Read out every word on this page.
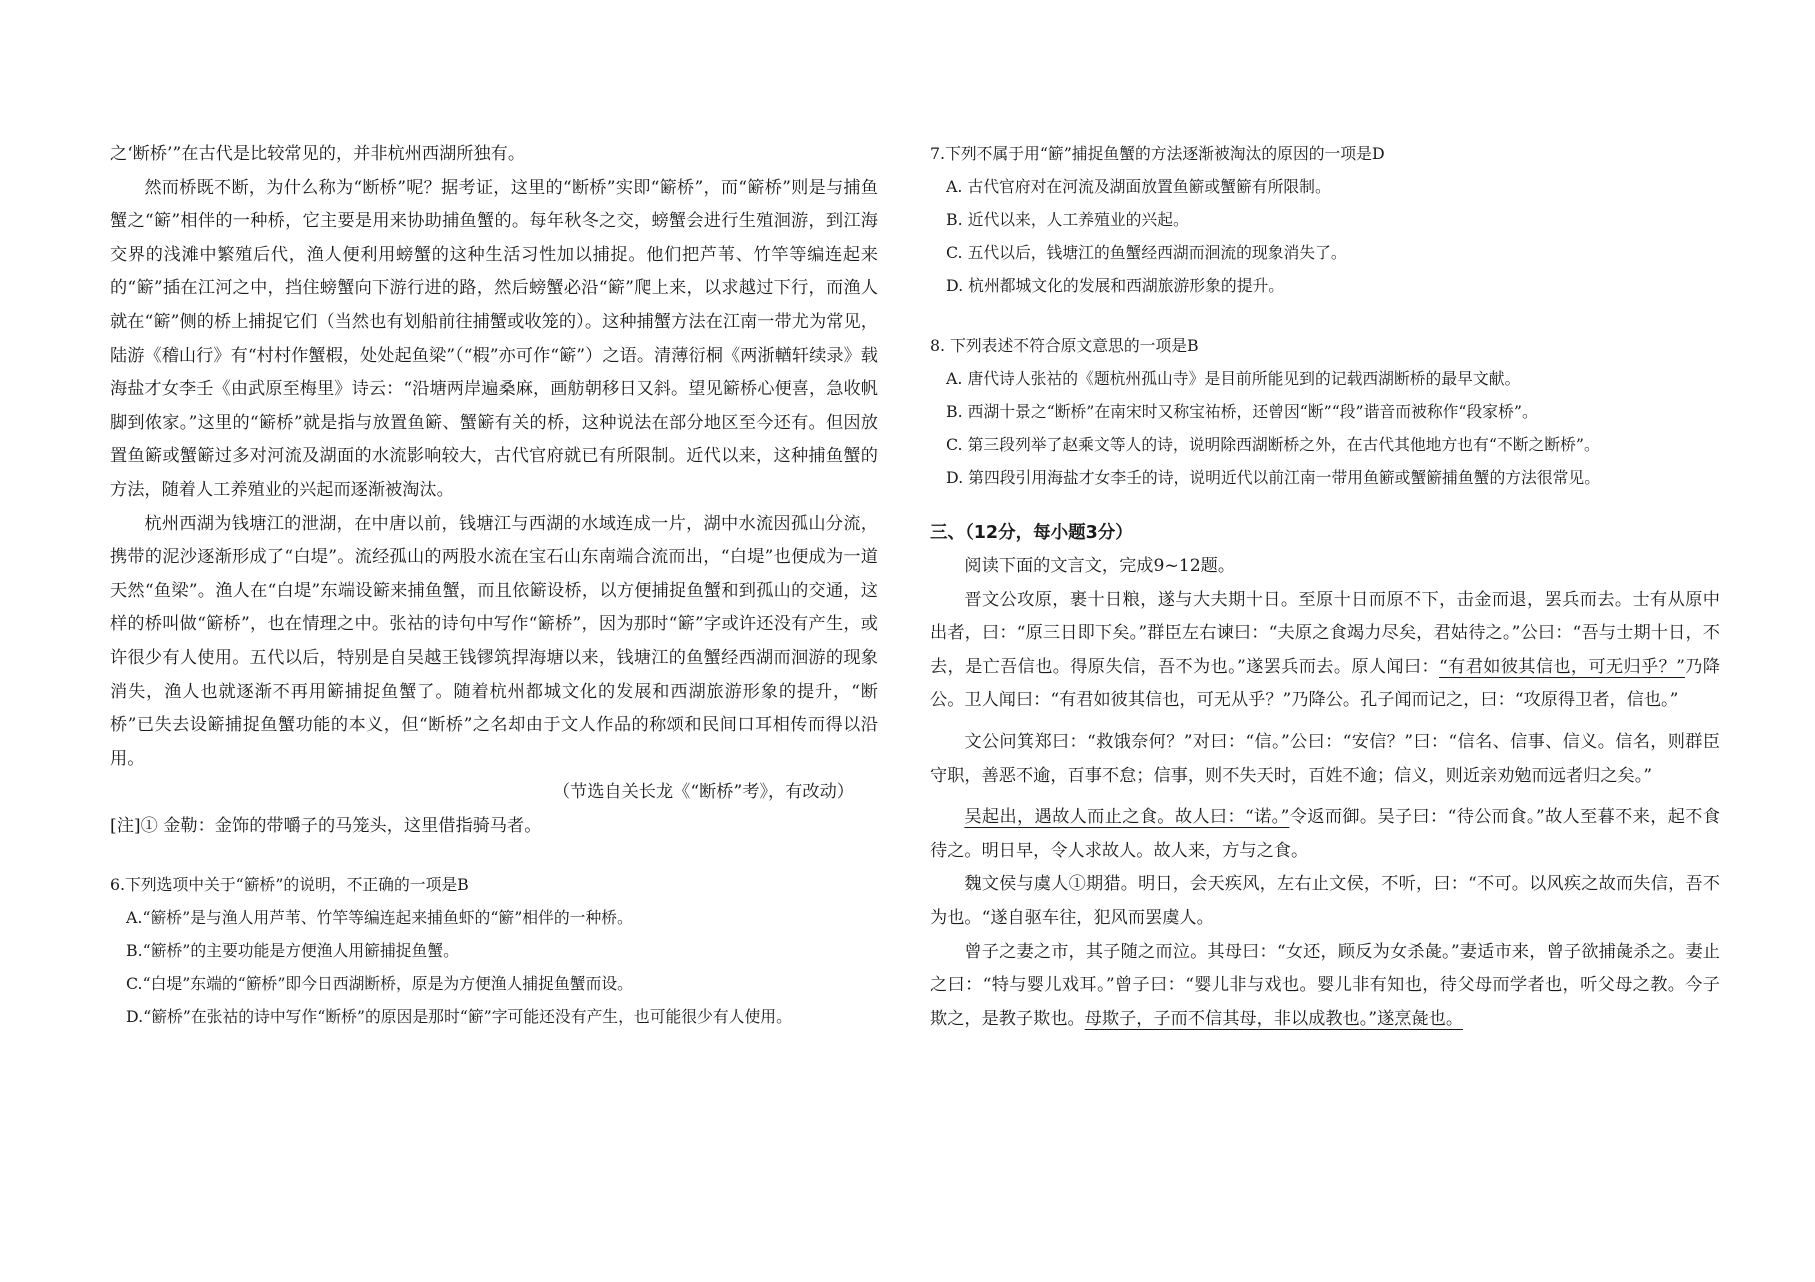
之‘断桥’”在古代是比较常见的，并非杭州西湖所独有。

然而桥既不断，为什么称为“断桥”呢？据考证，这里的“断桥”实即“簖桥”，而“簖桥”则是与捕鱼蟹之“簖”相伴的一种桥，它主要是用来协助捕鱼蟹的。每年秋冬之交，螃蟹会进行生殖洄游，到江海交界的浅滩中繁殖后代，渔人便利用螃蟹的这种生活习性加以捕捉。他们把芦苇、竹竿等编连起来的“簖”插在江河之中，挡住螃蟹向下游行进的路，然后螃蟹必沿“簖”爬上来，以求越过下行，而渔人就在“簖”侧的桥上捕捉它们（当然也有划船前往捕蟹或收笼的）。这种捕蟹方法在江南一带尤为常见，陆游《稽山行》有“村村作蟹椵，处处起鱼梁”（“椵”亦可作“簖”）之语。清薄衍桐《两浙輶轩续录》载海盐才女李壬《由武原至梅里》诗云：“沿塘两岸遍桑麻，画舫朝移日又斜。望见簖桥心便喜，急收帆脚到侬家。”这里的“簖桥”就是指与放置鱼簖、蟹簖有关的桥，这种说法在部分地区至今还有。但因放置鱼簖或蟹簖过多对河流及湖面的水流影响较大，古代官府就已有所限制。近代以来，这种捕鱼蟹的方法，随着人工养殖业的兴起而逐渐被淘汰。

杭州西湖为钱塘江的泄湖，在中唐以前，钱塘江与西湖的水域连成一片，湖中水流因孤山分流，携带的泥沙逐渐形成了“白堤”。流经孤山的两股水流在宝石山东南端合流而出，“白堤”也便成为一道天然“鱼梁”。渔人在“白堤”东端设簖来捕鱼蟹，而且依簖设桥，以方便捕捉鱼蟹和到孤山的交通，这样的桥叫做“簖桥”，也在情理之中。张祜的诗句中写作“簖桥”，因为那时“簖”字或许还没有产生，或许很少有人使用。五代以后，特别是自吴越王钱镠筑捍海塘以来，钱塘江的鱼蟹经西湖而洄游的现象消失，渔人也就逐渐不再用簖捕捉鱼蟹了。随着杭州都城文化的发展和西湖旅游形象的提升，“断桥”已失去设簖捕捉鱼蟹功能的本义，但“断桥”之名却由于文人作品的称颂和民间口耳相传而得以沿用。

（节选自关长龙《“断桥”考》，有改动）

[注]① 金勒：金饰的带嚼子的马笼头，这里借指骑马者。

6.下列选项中关于“簖桥”的说明，不正确的一项是B

A.“簖桥”是与渔人用芦苇、竹竿等编连起来捕鱼虾的“簖”相伴的一种桥。

B.“簖桥”的主要功能是方便渔人用簖捕捉鱼蟹。

C.“白堤”东端的“簖桥”即今日西湖断桥，原是为方便渔人捕捉鱼蟹而设。

D.“簖桥”在张祜的诗中写作“断桥”的原因是那时“簖”字可能还没有产生，也可能很少有人使用。

7.下列不属于用“簖”捕捉鱼蟹的方法逐渐被淘汰的原因的一项是D

A. 古代官府对在河流及湖面放置鱼簖或蟹簖有所限制。

B. 近代以来，人工养殖业的兴起。

C. 五代以后，钱塘江的鱼蟹经西湖而洄流的现象消失了。

D. 杭州都城文化的发展和西湖旅游形象的提升。

8. 下列表述不符合原文意思的一项是B

A. 唐代诗人张祜的《题杭州孤山寺》是目前所能见到的记载西湖断桥的最早文献。

B. 西湖十景之“断桥”在南宋时又称宝祐桥，还曾因“断”“段”谐音而被称作“段家桥”。

C. 第三段列举了赵乘文等人的诗，说明除西湖断桥之外，在古代其他地方也有“不断之断桥”。

D. 第四段引用海盐才女李壬的诗，说明近代以前江南一带用鱼簖或蟹簖捕鱼蟹的方法很常见。

三、（12分，每小题3分）

阅读下面的文言文，完成9~12题。

晋文公攻原，裹十日粮，遂与大夫期十日。至原十日而原不下，击金而退，罢兵而去。士有从原中出者，曰：“原三日即下矣。”群臣左右谏曰：“夫原之食竭力尽矣，君姑待之。”公曰：“吾与士期十日，不去，是亡吾信也。得原失信，吾不为也。”遂罢兵而去。原人闻曰：“有君如彼其信也，可无归乎？”乃降公。卫人闻曰：“有君如彼其信也，可无从乎？”乃降公。孔子闻而记之，曰：“攻原得卫者，信也。”

文公问箕郑曰：“救饿奈何？”对曰：“信。”公曰：“安信？”曰：“信名、信事、信义。信名，则群臣守职，善恶不逾，百事不怠；信事，则不失天时，百姓不逾；信义，则近亲劝勉而远者归之矣。”

吴起出，遇故人而止之食。故人曰：“诺。”令返而御。吴子曰：“待公而食。”故人至暮不来，起不食待之。明日早，令人求故人。故人来，方与之食。

魏文侯与虞人①期猎。明日，会天疾风，左右止文侯，不听，曰：“不可。以风疾之故而失信，吾不为也。“遂自驱车往，犯风而罢虞人。

曾子之妻之市，其子随之而泣。其母曰：“女还，顾反为女杀彘。”妻适市来，曾子欲捕彘杀之。妻止之曰：“特与婴儿戏耳。”曾子曰：“婴儿非与戏也。婴儿非有知也，待父母而学者也，听父母之教。今子欺之，是教子欺也。母欺子，子而不信其母，非以成教也。”遂烹彘也。
